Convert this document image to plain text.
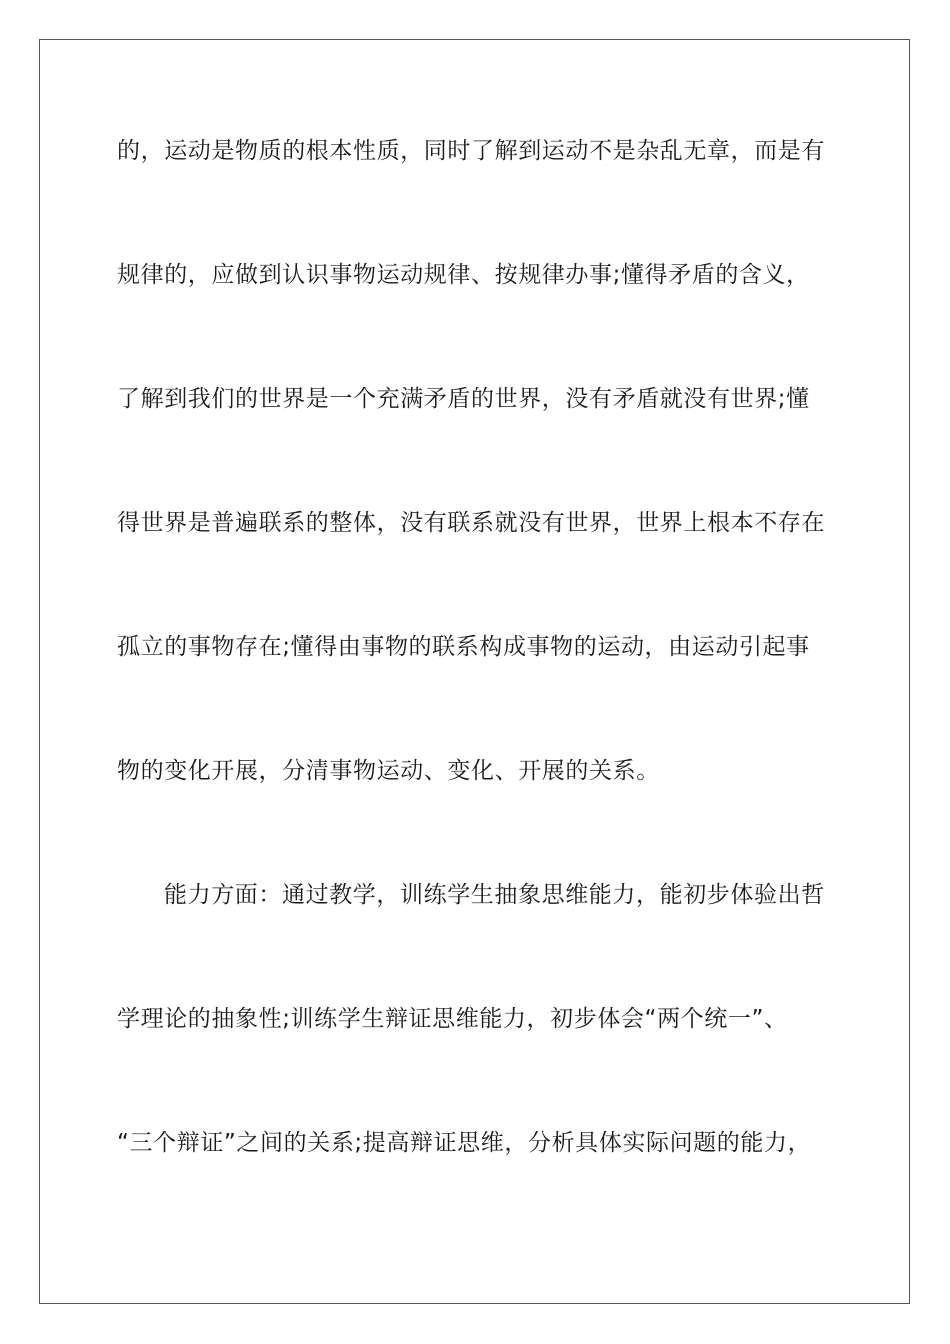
的，运动是物质的根本性质，同时了解到运动不是杂乱无章，而是有
规律的，应做到认识事物运动规律、按规律办事;懂得矛盾的含义，
了解到我们的世界是一个充满矛盾的世界，没有矛盾就没有世界;懂
得世界是普遍联系的整体，没有联系就没有世界，世界上根本不存在
孤立的事物存在;懂得由事物的联系构成事物的运动，由运动引起事
物的变化开展，分清事物运动、变化、开展的关系。
能力方面：通过教学，训练学生抽象思维能力，能初步体验出哲
学理论的抽象性;训练学生辩证思维能力，初步体会“两个统一”、
“三个辩证”之间的关系;提高辩证思维，分析具体实际问题的能力，
